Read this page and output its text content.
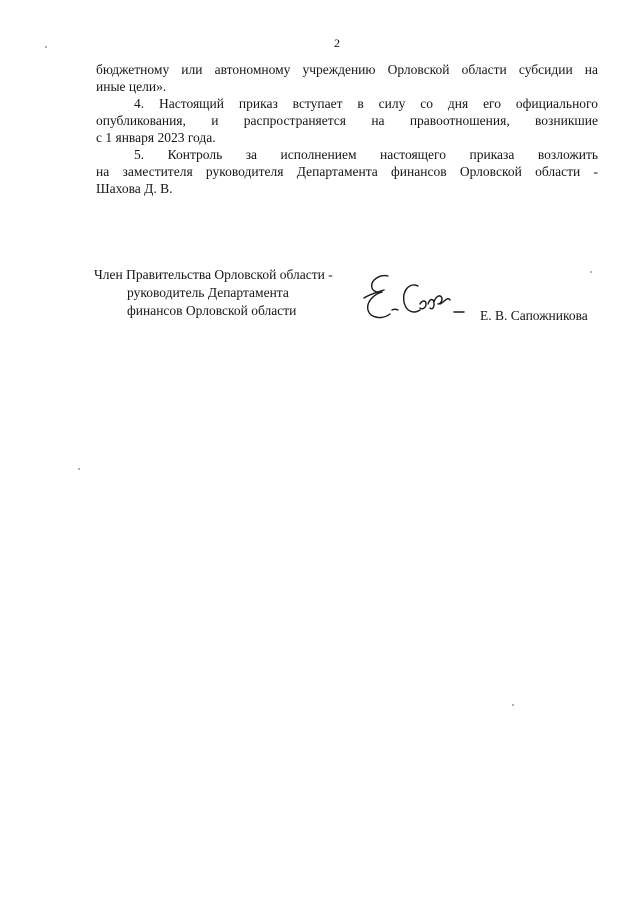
2

бюджетному или автономному учреждению Орловской области субсидии на
иные цели».

4. Настоящий приказ вступает в силу со дня его официального
опубликования, и распространяется на правоотношения, возникшие
с 1 января 2023 года.

5. Контроль за исполнением настоящего приказа возложить
на заместителя руководителя Департамента финансов Орловской области -
Шахова Д. В.

Член Правительства Орловской области -
руководитель Департамента
финансов Орловской области	Е. В. Сапожникова
